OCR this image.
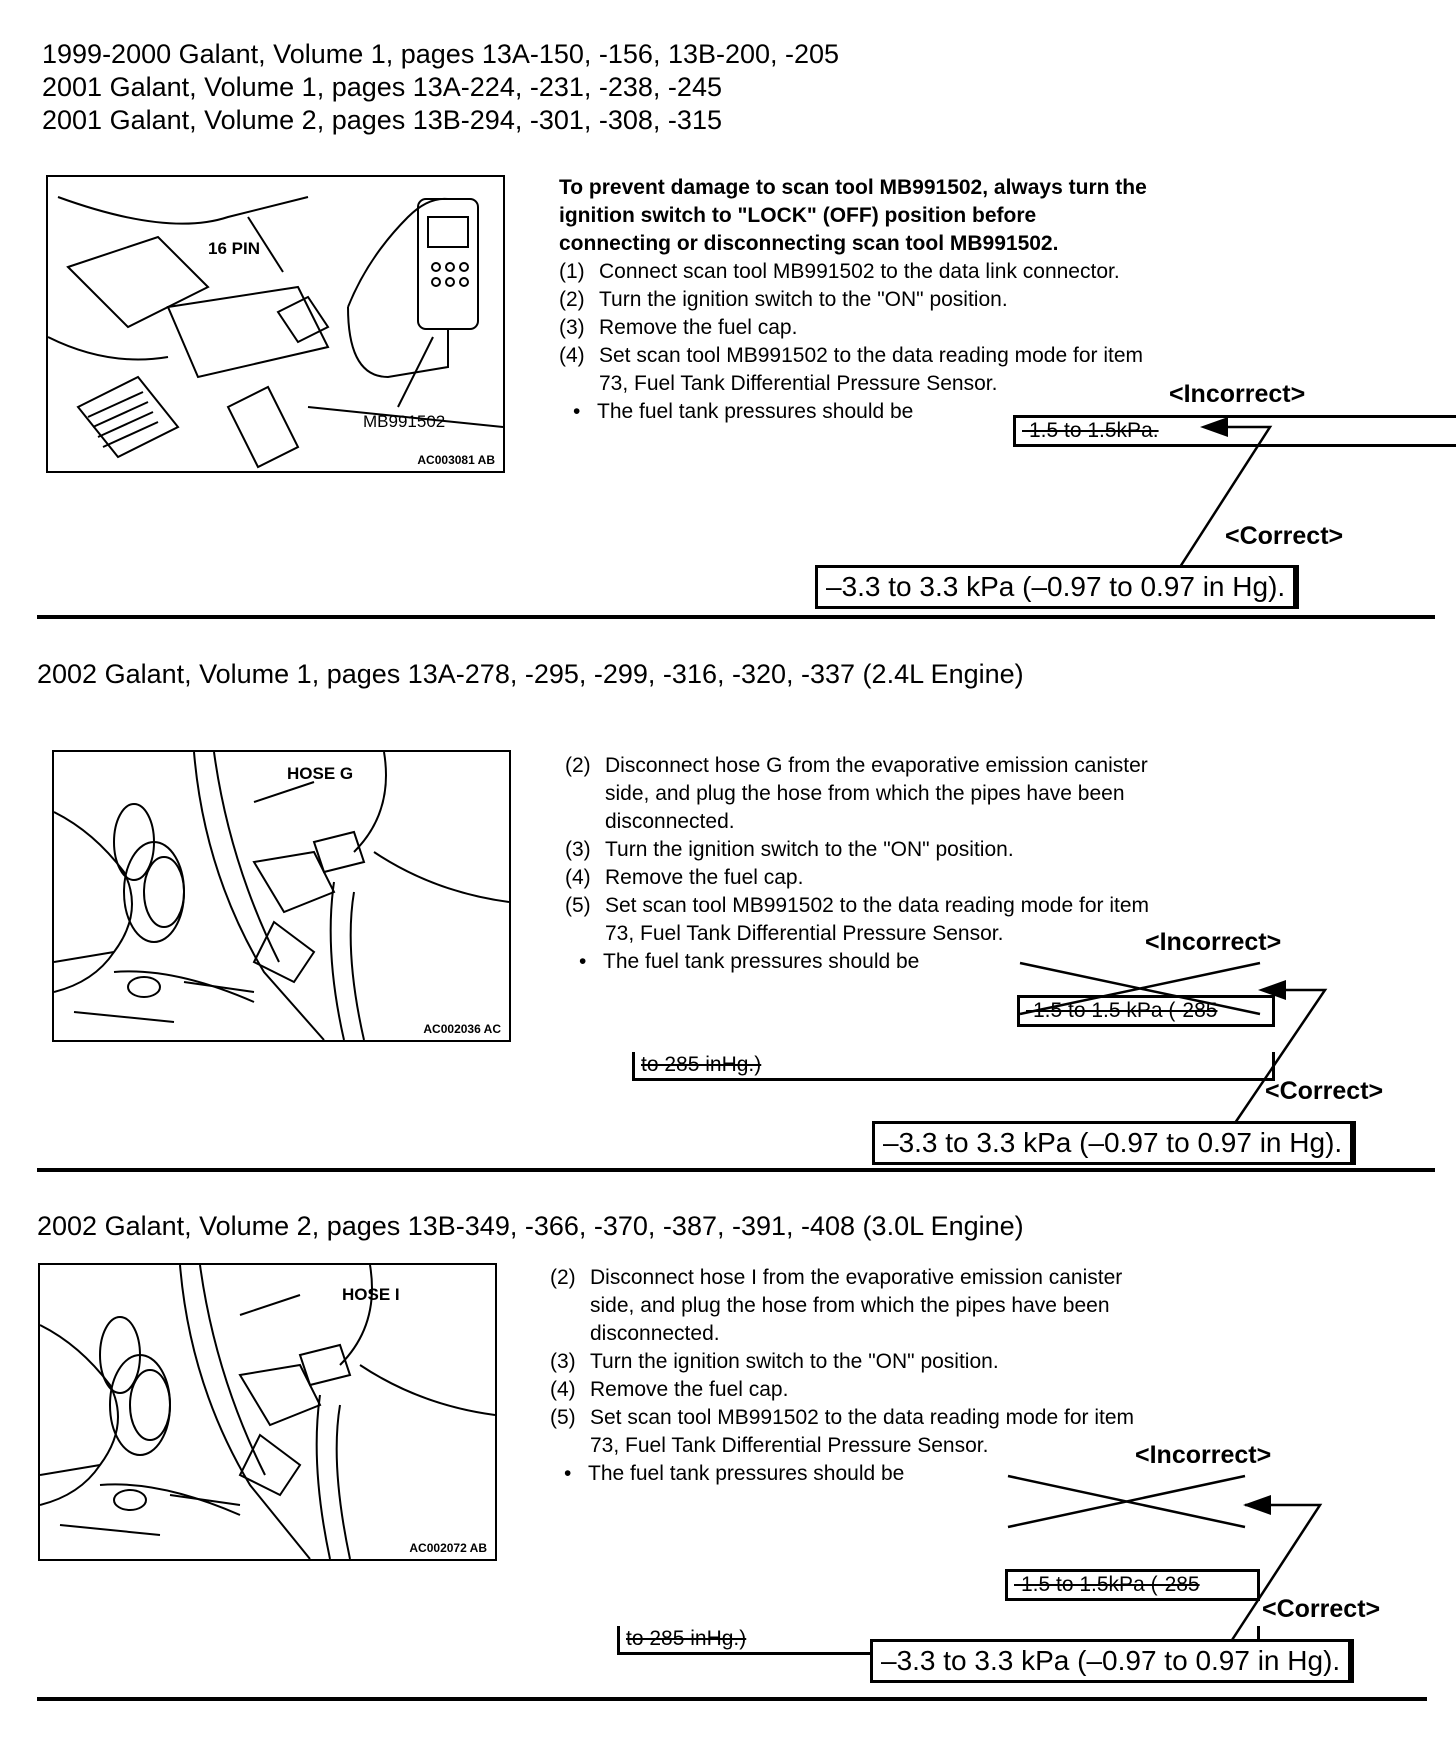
1999-2000 Galant, Volume 1, pages 13A-150, -156, 13B-200, -205
2001 Galant, Volume 1, pages 13A-224, -231, -238, -245
2001 Galant, Volume 2, pages 13B-294, -301, -308, -315
16 PIN
MB991502
AC003081 AB
To prevent damage to scan tool MB991502, always turn the
ignition switch to "LOCK" (OFF) position before
connecting or disconnecting scan tool MB991502.
(1) Connect scan tool MB991502 to the data link connector.
(2) Turn the ignition switch to the "ON" position.
(3) Remove the fuel cap.
(4) Set scan tool MB991502 to the data reading mode for item
73, Fuel Tank Differential Pressure Sensor.
• The fuel tank pressures should be
<Incorrect>
-1.5 to 1.5kPa.
<Correct>
–3.3 to 3.3 kPa (–0.97 to 0.97 in Hg).
2002 Galant, Volume 1, pages 13A-278, -295, -299, -316, -320, -337 (2.4L Engine)
HOSE G
AC002036 AC
(2) Disconnect hose G from the evaporative emission canister
side, and plug the hose from which the pipes have been
disconnected.
(3) Turn the ignition switch to the "ON" position.
(4) Remove the fuel cap.
(5) Set scan tool MB991502 to the data reading mode for item
73, Fuel Tank Differential Pressure Sensor.
• The fuel tank pressures should be
<Incorrect>
-1.5 to 1.5 kPa (-285
to 285 inHg.)
<Correct>
–3.3 to 3.3 kPa (–0.97 to 0.97 in Hg).
2002 Galant, Volume 2, pages 13B-349, -366, -370, -387, -391, -408 (3.0L Engine)
HOSE I
AC002072 AB
(2) Disconnect hose I from the evaporative emission canister
side, and plug the hose from which the pipes have been
disconnected.
(3) Turn the ignition switch to the "ON" position.
(4) Remove the fuel cap.
(5) Set scan tool MB991502 to the data reading mode for item
73, Fuel Tank Differential Pressure Sensor.
• The fuel tank pressures should be
<Incorrect>
-1.5 to 1.5kPa (-285
to 285 inHg.)
<Correct>
–3.3 to 3.3 kPa (–0.97 to 0.97 in Hg).
